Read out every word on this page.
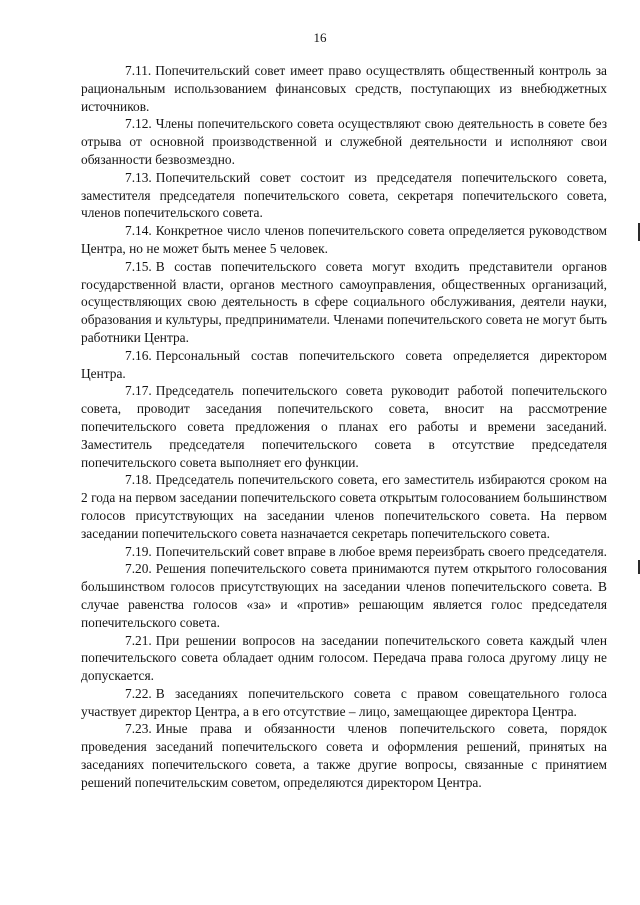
16

7.11. Попечительский совет имеет право осуществлять общественный контроль за рациональным использованием финансовых средств, поступающих из внебюджетных источников.

7.12. Члены попечительского совета осуществляют свою деятельность в совете без отрыва от основной производственной и служебной деятельности и исполняют свои обязанности безвозмездно.

7.13. Попечительский совет состоит из председателя попечительского совета, заместителя председателя попечительского совета, секретаря попечительского совета, членов попечительского совета.

7.14. Конкретное число членов попечительского совета определяется руководством Центра, но не может быть менее 5 человек.

7.15. В состав попечительского совета могут входить представители органов государственной власти, органов местного самоуправления, общественных организаций, осуществляющих свою деятельность в сфере социального обслуживания, деятели науки, образования и культуры, предприниматели. Членами попечительского совета не могут быть работники Центра.

7.16. Персональный состав попечительского совета определяется директором Центра.

7.17. Председатель попечительского совета руководит работой попечительского совета, проводит заседания попечительского совета, вносит на рассмотрение попечительского совета предложения о планах его работы и времени заседаний. Заместитель председателя попечительского совета в отсутствие председателя попечительского совета выполняет его функции.

7.18. Председатель попечительского совета, его заместитель избираются сроком на 2 года на первом заседании попечительского совета открытым голосованием большинством голосов присутствующих на заседании членов попечительского совета. На первом заседании попечительского совета назначается секретарь попечительского совета.

7.19. Попечительский совет вправе в любое время переизбрать своего председателя.

7.20. Решения попечительского совета принимаются путем открытого голосования большинством голосов присутствующих на заседании членов попечительского совета. В случае равенства голосов «за» и «против» решающим является голос председателя попечительского совета.

7.21. При решении вопросов на заседании попечительского совета каждый член попечительского совета обладает одним голосом. Передача права голоса другому лицу не допускается.

7.22. В заседаниях попечительского совета с правом совещательного голоса участвует директор Центра, а в его отсутствие – лицо, замещающее директора Центра.

7.23. Иные права и обязанности членов попечительского совета, порядок проведения заседаний попечительского совета и оформления решений, принятых на заседаниях попечительского совета, а также другие вопросы, связанные с принятием решений попечительским советом, определяются директором Центра.
